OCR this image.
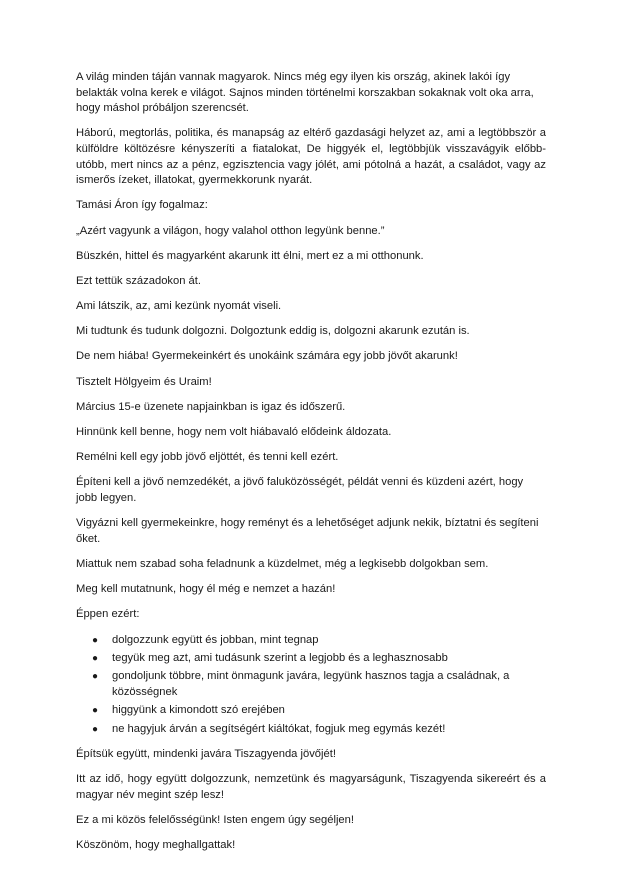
A világ minden táján vannak magyarok. Nincs még egy ilyen kis ország, akinek lakói így belakták volna kerek e világot. Sajnos minden történelmi korszakban sokaknak volt oka arra, hogy máshol próbáljon szerencsét.

Háború, megtorlás, politika, és manapság az eltérő gazdasági helyzet az, ami a legtöbbször a külföldre költözésre kényszeríti a fiatalokat, De higgyék el, legtöbbjük visszavágyik előbb-utóbb, mert nincs az a pénz, egzisztencia vagy jólét, ami pótolná a hazát, a családot, vagy az ismerős ízeket, illatokat, gyermekkorunk nyarát.

Tamási Áron így fogalmaz:

„Azért vagyunk a világon, hogy valahol otthon legyünk benne.”

Büszkén, hittel és magyarként akarunk itt élni, mert ez a mi otthonunk.

Ezt tettük századokon át.

Ami látszik, az, ami kezünk nyomát viseli.

Mi tudtunk és tudunk dolgozni. Dolgoztunk eddig is, dolgozni akarunk ezután is.

De nem hiába! Gyermekeinkért és unokáink számára egy jobb jövőt akarunk!

Tisztelt Hölgyeim és Uraim!

Március 15-e üzenete napjainkban is igaz és időszerű.

Hinnünk kell benne, hogy nem volt hiábavaló elődeink áldozata.

Remélni kell egy jobb jövő eljöttét, és tenni kell ezért.

Építeni kell a jövő nemzedékét, a jövő faluközösségét, példát venni és küzdeni azért, hogy jobb legyen.

Vigyázni kell gyermekeinkre, hogy reményt és a lehetőséget adjunk nekik, bíztatni és segíteni őket.

Miattuk nem szabad soha feladnunk a küzdelmet, még a legkisebb dolgokban sem.

Meg kell mutatnunk, hogy él még e nemzet a hazán!

Éppen ezért:

● dolgozzunk együtt és jobban, mint tegnap
● tegyük meg azt, ami tudásunk szerint a legjobb és a leghasznosabb
● gondoljunk többre, mint önmagunk javára, legyünk hasznos tagja a családnak, a közösségnek
● higgyünk a kimondott szó erejében
● ne hagyjuk árván a segítségért kiáltókat, fogjuk meg egymás kezét!

Építsük együtt, mindenki javára Tiszagyenda jövőjét!

Itt az idő, hogy együtt dolgozzunk, nemzetünk és magyarságunk, Tiszagyenda sikereért és a magyar név megint szép lesz!

Ez a mi közös felelősségünk! Isten engem úgy segéljen!

Köszönöm, hogy meghallgattak!
